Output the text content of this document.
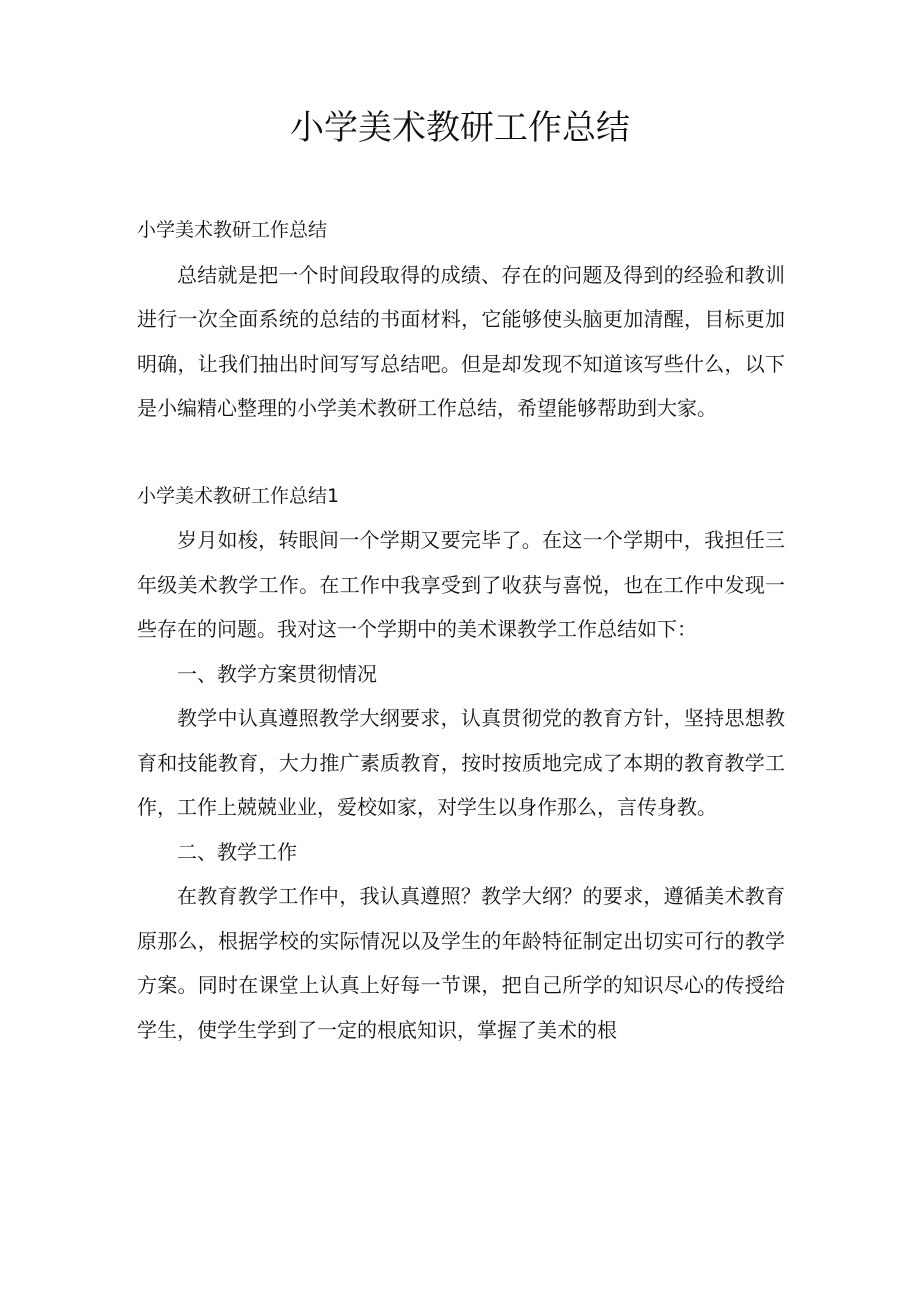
小学美术教研工作总结

小学美术教研工作总结

总结就是把一个时间段取得的成绩、存在的问题及得到的经验和教训进行一次全面系统的总结的书面材料，它能够使头脑更加清醒，目标更加明确，让我们抽出时间写写总结吧。但是却发现不知道该写些什么，以下是小编精心整理的小学美术教研工作总结，希望能够帮助到大家。

小学美术教研工作总结1

岁月如梭，转眼间一个学期又要完毕了。在这一个学期中，我担任三年级美术教学工作。在工作中我享受到了收获与喜悦，也在工作中发现一些存在的问题。我对这一个学期中的美术课教学工作总结如下：

一、教学方案贯彻情况

教学中认真遵照教学大纲要求，认真贯彻党的教育方针，坚持思想教育和技能教育，大力推广素质教育，按时按质地完成了本期的教育教学工作，工作上兢兢业业，爱校如家，对学生以身作那么，言传身教。

二、教学工作

在教育教学工作中，我认真遵照？教学大纲？的要求，遵循美术教育原那么，根据学校的实际情况以及学生的年龄特征制定出切实可行的教学方案。同时在课堂上认真上好每一节课，把自己所学的知识尽心的传授给学生，使学生学到了一定的根底知识，掌握了美术的根
